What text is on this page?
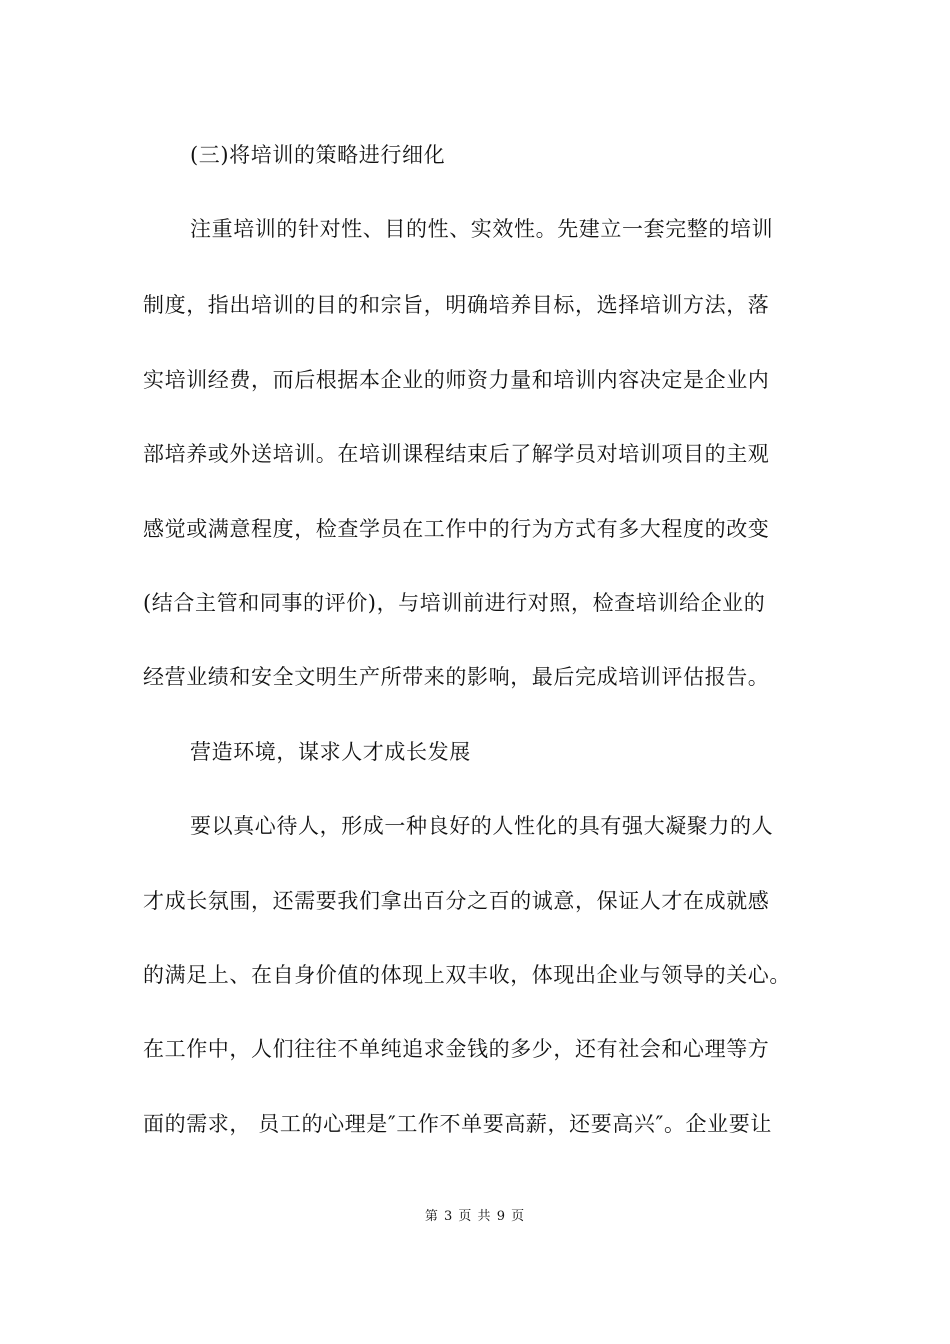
(三)将培训的策略进行细化
注重培训的针对性、目的性、实效性。先建立一套完整的培训
制度，指出培训的目的和宗旨，明确培养目标，选择培训方法，落
实培训经费，而后根据本企业的师资力量和培训内容决定是企业内
部培养或外送培训。在培训课程结束后了解学员对培训项目的主观
感觉或满意程度，检查学员在工作中的行为方式有多大程度的改变
(结合主管和同事的评价)，与培训前进行对照，检查培训给企业的
经营业绩和安全文明生产所带来的影响，最后完成培训评估报告。
营造环境，谋求人才成长发展
要以真心待人，形成一种良好的人性化的具有强大凝聚力的人
才成长氛围，还需要我们拿出百分之百的诚意，保证人才在成就感
的满足上、在自身价值的体现上双丰收，体现出企业与领导的关心。
在工作中，人们往往不单纯追求金钱的多少，还有社会和心理等方
面的需求， 员工的心理是″工作不单要高薪，还要高兴″。企业要让
第 3 页 共 9 页
